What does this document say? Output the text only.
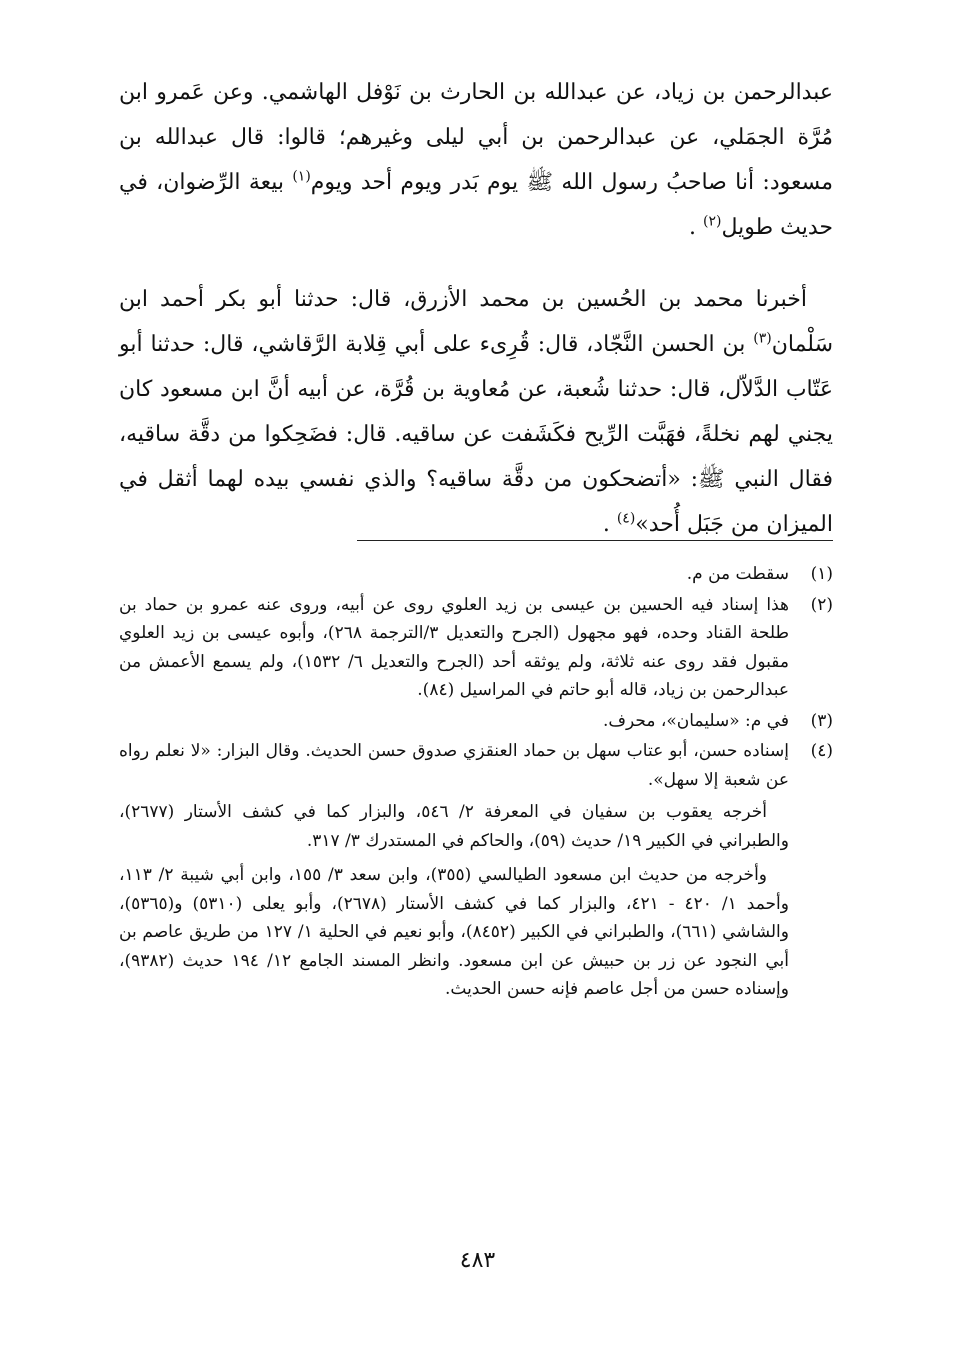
عبدالرحمن بن زياد، عن عبدالله بن الحارث بن نَوْفل الهاشمي. وعن عَمرو ابن مُرَّة الجمَلي، عن عبدالرحمن بن أبي ليلى وغيرهم؛ قالوا: قال عبدالله بن مسعود: أنا صاحبُ رسول الله ﷺ يوم بَدر ويوم أحد ويوم$^{(١)}$ بيعة الرِّضوان، في حديث طويل$^{(٢)}$ .

أخبرنا محمد بن الحُسين بن محمد الأزرق، قال: حدثنا أبو بكر أحمد ابن سَلْمان$^{(٣)}$ بن الحسن النَّجّاد، قال: قُرِىء على أبي قِلابة الرَّقاشي، قال: حدثنا أبو عَتّاب الدَّلاّل، قال: حدثنا شُعبة، عن مُعاوية بن قُرَّة، عن أبيه أنَّ ابن مسعود كان يجني لهم نخلةً، فهَبَّت الرِّيح فكَشَفت عن ساقيه. قال: فضَحِكوا من دقَّة ساقيه، فقال النبي ﷺ: «أتضحكون من دقَّة ساقيه؟ والذي نفسي بيده لهما أثقل في الميزان من جَبَل أُحد»$^{(٤)}$ .

(١)

سقطت من م.

(٢)

هذا إسناد فيه الحسين بن عيسى بن زيد العلوي روى عن أبيه، وروى عنه عمرو بن حماد بن طلحة القناد وحده، فهو مجهول (الجرح والتعديل ٣/الترجمة ٢٦٨)، وأبوه عيسى بن زيد العلوي مقبول فقد روى عنه ثلاثة، ولم يوثقه أحد (الجرح والتعديل ٦/ ١٥٣٢)، ولم يسمع الأعمش من عبدالرحمن بن زياد، قاله أبو حاتم في المراسيل (٨٤).

(٣)

في م: «سليمان»، محرف.

(٤)

إسناده حسن، أبو عتاب سهل بن حماد العنقزي صدوق حسن الحديث. وقال البزار: «لا نعلم رواه عن شعبة إلا سهل».

أخرجه يعقوب بن سفيان في المعرفة ٢/ ٥٤٦، والبزار كما في كشف الأستار (٢٦٧٧)، والطبراني في الكبير ١٩/ حديث (٥٩)، والحاكم في المستدرك ٣/ ٣١٧.

وأخرجه من حديث ابن مسعود الطيالسي (٣٥٥)، وابن سعد ٣/ ١٥٥، وابن أبي شيبة ٢/ ١١٣، وأحمد ١/ ٤٢٠ - ٤٢١، والبزار كما في كشف الأستار (٢٦٧٨)، وأبو يعلى (٥٣١٠) و(٥٣٦٥)، والشاشي (٦٦١)، والطبراني في الكبير (٨٤٥٢)، وأبو نعيم في الحلية ١/ ١٢٧ من طريق عاصم بن أبي النجود عن زر بن حبيش عن ابن مسعود. وانظر المسند الجامع ١٢/ ١٩٤ حديث (٩٣٨٢)، وإسناده حسن من أجل عاصم فإنه حسن الحديث.

٤٨٣
